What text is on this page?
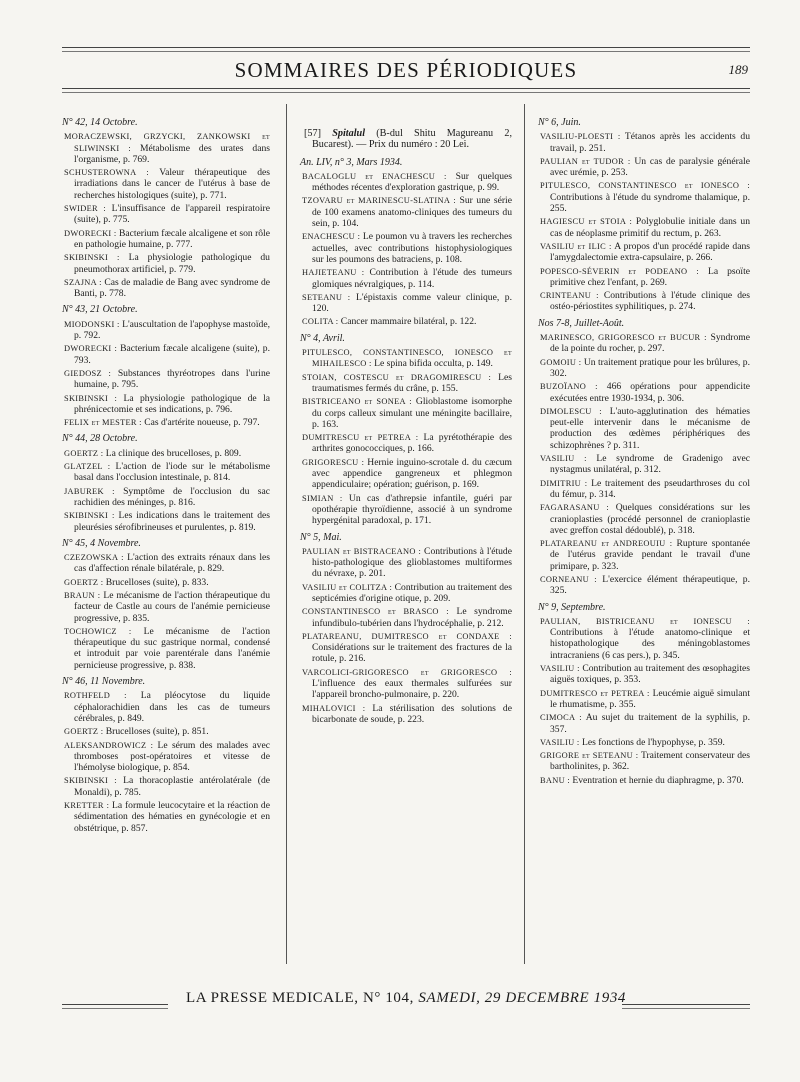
SOMMAIRES DES PÉRIODIQUES	189
N° 42, 14 Octobre.
MORACZEWSKI, GRZYCKI, ZANKOWSKI et SLIWINSKI : Métabolisme des urates dans l'organisme, p. 769.
SCHUSTEROWNA : Valeur thérapeutique des irradiations dans le cancer de l'utérus à base de recherches histologiques (suite), p. 771.
SWIDER : L'insuffisance de l'appareil respiratoire (suite), p. 775.
DWORECKI : Bacterium fæcale alcaligene et son rôle en pathologie humaine, p. 777.
SKIBINSKI : La physiologie pathologique du pneumothorax artificiel, p. 779.
SZAJNA : Cas de maladie de Bang avec syndrome de Banti, p. 778.
N° 43, 21 Octobre.
MIODONSKI : L'auscultation de l'apophyse mastoïde, p. 792.
DWORECKI : Bacterium fæcale alcaligene (suite), p. 793.
GIEDOSZ : Substances thyréotropes dans l'urine humaine, p. 795.
SKIBINSKI : La physiologie pathologique de la phrénicectomie et ses indications, p. 796.
FELIX et MESTER : Cas d'artérite noueuse, p. 797.
N° 44, 28 Octobre.
GOERTZ : La clinique des brucelloses, p. 809.
GLATZEL : L'action de l'iode sur le métabolisme basal dans l'occlusion intestinale, p. 814.
JABUREK : Symptôme de l'occlusion du sac rachidien des méninges, p. 816.
SKIBINSKI : Les indications dans le traitement des pleurésies sérofibrineuses et purulentes, p. 819.
N° 45, 4 Novembre.
CZEZOWSKA : L'action des extraits rénaux dans les cas d'affection rénale bilatérale, p. 829.
GOERTZ : Brucelloses (suite), p. 833.
BRAUN : Le mécanisme de l'action thérapeutique du facteur de Castle au cours de l'anémie pernicieuse progressive, p. 835.
TOCHOWICZ : Le mécanisme de l'action thérapeutique du suc gastrique normal, condensé et introduit par voie parentérale dans l'anémie pernicieuse progressive, p. 838.
N° 46, 11 Novembre.
ROTHFELD : La pléocytose du liquide céphalorachidien dans les cas de tumeurs cérébrales, p. 849.
GOERTZ : Brucelloses (suite), p. 851.
ALEKSANDROWICZ : Le sérum des malades avec thromboses post-opératoires et vitesse de l'hémolyse biologique, p. 854.
SKIBINSKI : La thoracoplastie antérolatérale (de Monaldi), p. 785.
KRETTER : La formule leucocytaire et la réaction de sédimentation des hématies en gynécologie et en obstétrique, p. 857.
[57] Spitalul (B-dul Shitu Magureanu 2, Bucarest). — Prix du numéro : 20 Lei.
An. LIV, n° 3, Mars 1934.
BACALOGLU et ENACHESCU : Sur quelques méthodes récentes d'exploration gastrique, p. 99.
TZOVARU et MARINESCU-SLATINA : Sur une série de 100 examens anatomo-cliniques des tumeurs du sein, p. 104.
ENACHESCU : Le poumon vu à travers les recherches actuelles, avec contributions histophysiologiques sur les poumons des batraciens, p. 108.
HAJIETEANU : Contribution à l'étude des tumeurs glomiques névralgiques, p. 114.
SETEANU : L'épistaxis comme valeur clinique, p. 120.
COLITA : Cancer mammaire bilatéral, p. 122.
N° 4, Avril.
PITULESCO, CONSTANTINESCO, IONESCO et MIHAILESCO : Le spina bifida occulta, p. 149.
STOIAN, COSTESCU et DRAGOMIRESCU : Les traumatismes fermés du crâne, p. 155.
BISTRICEANO et SONEA : Glioblastome isomorphe du corps calleux simulant une méningite bacillaire, p. 163.
DUMITRESCU et PETREA : La pyrétothérapie des arthrites gonococciques, p. 166.
GRIGORESCU : Hernie inguino-scrotale d. du cæcum avec appendice gangreneux et phlegmon appendiculaire; opération; guérison, p. 169.
SIMIAN : Un cas d'athrepsie infantile, guéri par opothérapie thyroïdienne, associé à un syndrome hypergénital paradoxal, p. 171.
N° 5, Mai.
PAULIAN et BISTRACEANO : Contributions à l'étude histo-pathologique des glioblastomes multiformes du névraxe, p. 201.
VASILIU et COLITZA : Contribution au traitement des septicémies d'origine otique, p. 209.
CONSTANTINESCO et BRASCO : Le syndrome infundibulo-tubérien dans l'hydrocéphalie, p. 212.
PLATAREANU, DUMITRESCO et CONDAXE : Considérations sur le traitement des fractures de la rotule, p. 216.
VARCOLICI-GRIGORESCO et GRIGORESCO : L'influence des eaux thermales sulfurées sur l'appareil broncho-pulmonaire, p. 220.
MIHALOVICI : La stérilisation des solutions de bicarbonate de soude, p. 223.
N° 6, Juin.
VASILIU-PLOESTI : Tétanos après les accidents du travail, p. 251.
PAULIAN et TUDOR : Un cas de paralysie générale avec urémie, p. 253.
PITULESCO, CONSTANTINESCO et IONESCO : Contributions à l'étude du syndrome thalamique, p. 255.
HAGIESCU et STOIA : Polyglobulie initiale dans un cas de néoplasme primitif du rectum, p. 263.
VASILIU et ILIC : A propos d'un procédé rapide dans l'amygdalectomie extra-capsulaire, p. 266.
POPESCO-SÉVERIN et PODEANO : La psoïte primitive chez l'enfant, p. 269.
CRINTEANU : Contributions à l'étude clinique des ostéo-périostites syphilitiques, p. 274.
Nos 7-8, Juillet-Août.
MARINESCO, GRIGORESCO et BUCUR : Syndrome de la pointe du rocher, p. 297.
GOMOIU : Un traitement pratique pour les brûlures, p. 302.
BUZOÏANO : 466 opérations pour appendicite exécutées entre 1930-1934, p. 306.
DIMOLESCU : L'auto-agglutination des hématies peut-elle intervenir dans le mécanisme de production des œdèmes périphériques des schizophrènes ? p. 311.
VASILIU : Le syndrome de Gradenigo avec nystagmus unilatéral, p. 312.
DIMITRIU : Le traitement des pseudarthroses du col du fémur, p. 314.
FAGARASANU : Quelques considérations sur les cranioplasties (procédé personnel de cranioplastie avec greffon costal dédoublé), p. 318.
PLATAREANU et ANDREOUIU : Rupture spontanée de l'utérus gravide pendant le travail d'une primipare, p. 323.
CORNEANU : L'exercice élément thérapeutique, p. 325.
N° 9, Septembre.
PAULIAN, BISTRICEANU et IONESCU : Contributions à l'étude anatomo-clinique et histopathologique des méningoblastomes intracraniens (6 cas pers.), p. 345.
VASILIU : Contribution au traitement des œsophagites aiguës toxiques, p. 353.
DUMITRESCO et PETREA : Leucémie aiguë simulant le rhumatisme, p. 355.
CIMOCA : Au sujet du traitement de la syphilis, p. 357.
VASILIU : Les fonctions de l'hypophyse, p. 359.
GRIGORE et SETEANU : Traitement conservateur des bartholinites, p. 362.
BANU : Eventration et hernie du diaphragme, p. 370.
LA PRESSE MEDICALE, N° 104, SAMEDI, 29 DECEMBRE 1934
